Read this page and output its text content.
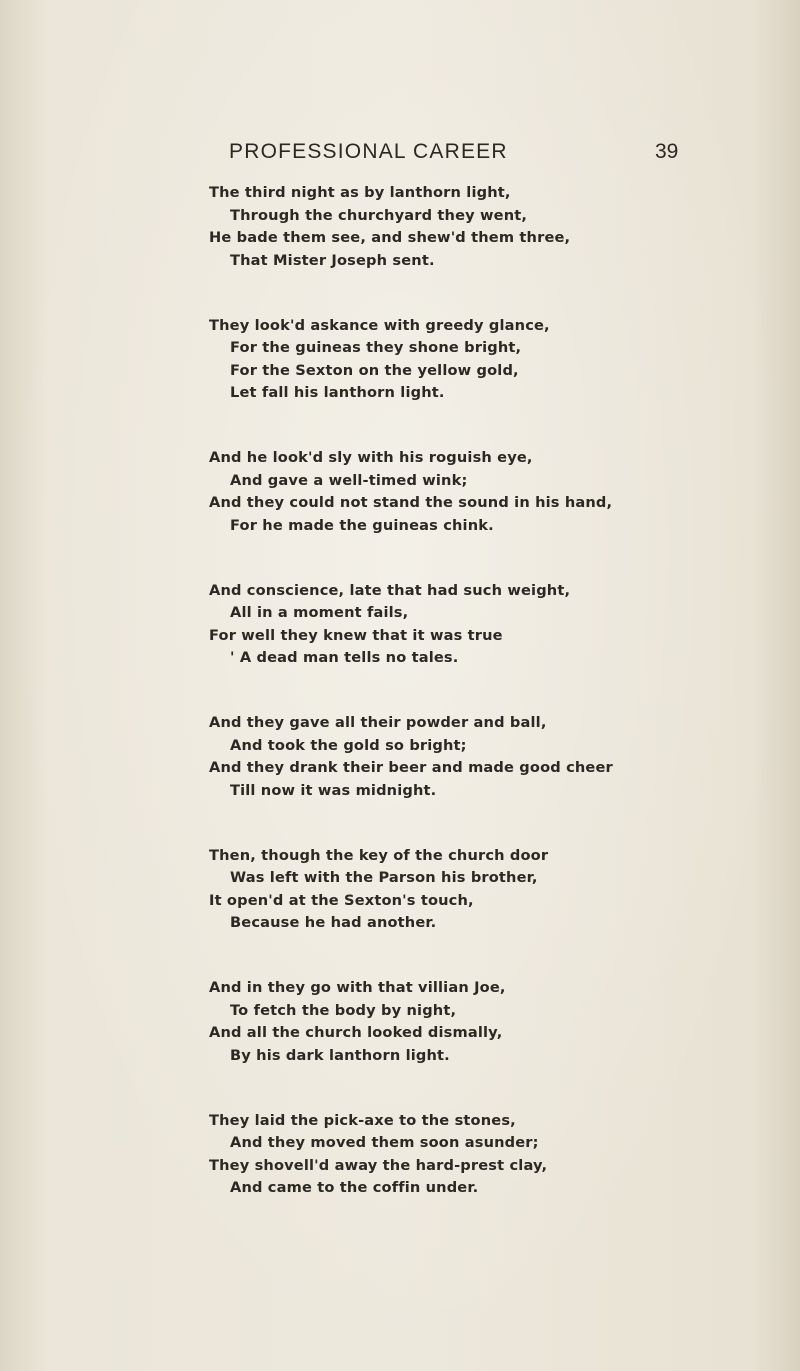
PROFESSIONAL CAREER	39
The third night as by lanthorn light,
Through the churchyard they went,
He bade them see, and shew'd them three,
That Mister Joseph sent.
They look'd askance with greedy glance,
For the guineas they shone bright,
For the Sexton on the yellow gold,
Let fall his lanthorn light.
And he look'd sly with his roguish eye,
And gave a well-timed wink;
And they could not stand the sound in his hand,
For he made the guineas chink.
And conscience, late that had such weight,
All in a moment fails,
For well they knew that it was true
' A dead man tells no tales.
And they gave all their powder and ball,
And took the gold so bright;
And they drank their beer and made good cheer
Till now it was midnight.
Then, though the key of the church door
Was left with the Parson his brother,
It open'd at the Sexton's touch,
Because he had another.
And in they go with that villian Joe,
To fetch the body by night,
And all the church looked dismally,
By his dark lanthorn light.
They laid the pick-axe to the stones,
And they moved them soon asunder;
They shovell'd away the hard-prest clay,
And came to the coffin under.
